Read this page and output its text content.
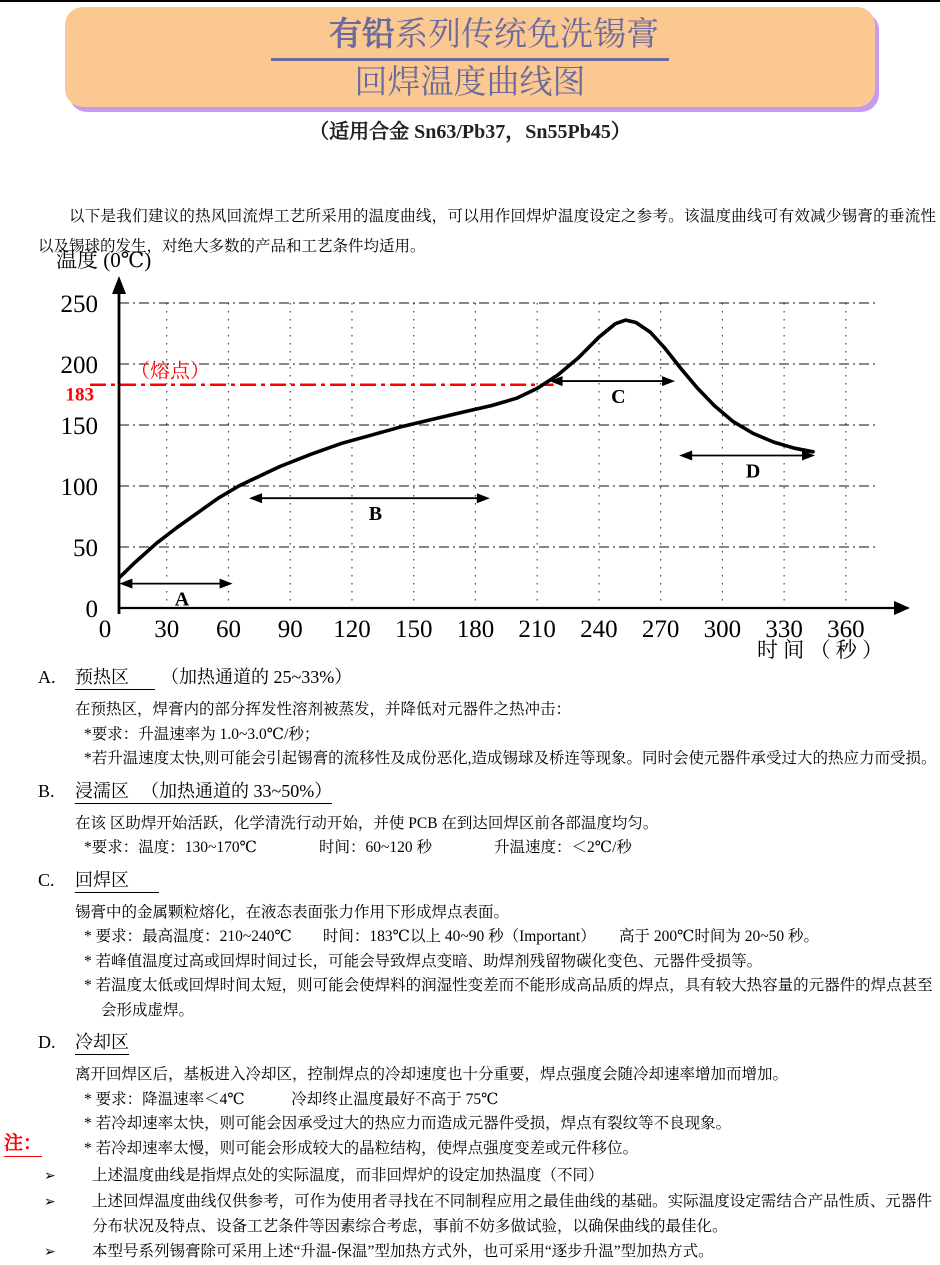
有铅系列传统免洗锡膏
回焊温度曲线图
（适用合金 Sn63/Pb37，Sn55Pb45）

以下是我们建议的热风回流焊工艺所采用的温度曲线，可以用作回焊炉温度设定之参考。该温度曲线可有效减少锡膏的垂流性以及锡球的发生，对绝大多数的产品和工艺条件均适用。

（熔点）
183
0
50
100
150
200
250
0 30 60 90 120 150 180 210 240 270 300 330 360
温度 (0℃)
时 间 （ 秒 ）
A
B
C
D
A. 预热区 （加热通道的 25~33%）
在预热区，焊膏内的部分挥发性溶剂被蒸发，并降低对元器件之热冲击：
*要求：升温速率为 1.0~3.0℃/秒；
*若升温速度太快,则可能会引起锡膏的流移性及成份恶化,造成锡球及桥连等现象。同时会使元器件承受过大的热应力而受损。
B. 浸濡区 （加热通道的 33~50%）
在该 区助焊开始活跃，化学清洗行动开始，并使 PCB 在到达回焊区前各部温度均匀。
*要求：温度：130~170℃　　　　时间：60~120 秒　　　　升温速度：＜2℃/秒
C. 回焊区
锡膏中的金属颗粒熔化，在液态表面张力作用下形成焊点表面。
* 要求：最高温度：210~240℃　　时间：183℃以上 40~90 秒（Important）　　高于 200℃时间为 20~50 秒。
* 若峰值温度过高或回焊时间过长，可能会导致焊点变暗、助焊剂残留物碳化变色、元器件受损等。
* 若温度太低或回焊时间太短，则可能会使焊料的润湿性变差而不能形成高品质的焊点，具有较大热容量的元器件的焊点甚至会形成虚焊。
D. 冷却区
离开回焊区后，基板进入冷却区，控制焊点的冷却速度也十分重要，焊点强度会随冷却速率增加而增加。
* 要求：降温速率＜4℃　　　冷却终止温度最好不高于 75℃
* 若冷却速率太快，则可能会因承受过大的热应力而造成元器件受损，焊点有裂纹等不良现象。
* 若冷却速率太慢，则可能会形成较大的晶粒结构，使焊点强度变差或元件移位。
注：
➢	上述温度曲线是指焊点处的实际温度，而非回焊炉的设定加热温度（不同）
➢	上述回焊温度曲线仅供参考，可作为使用者寻找在不同制程应用之最佳曲线的基础。实际温度设定需结合产品性质、元器件分布状况及特点、设备工艺条件等因素综合考虑，事前不妨多做试验，以确保曲线的最佳化。
➢	本型号系列锡膏除可采用上述“升温-保温”型加热方式外，也可采用“逐步升温”型加热方式。
